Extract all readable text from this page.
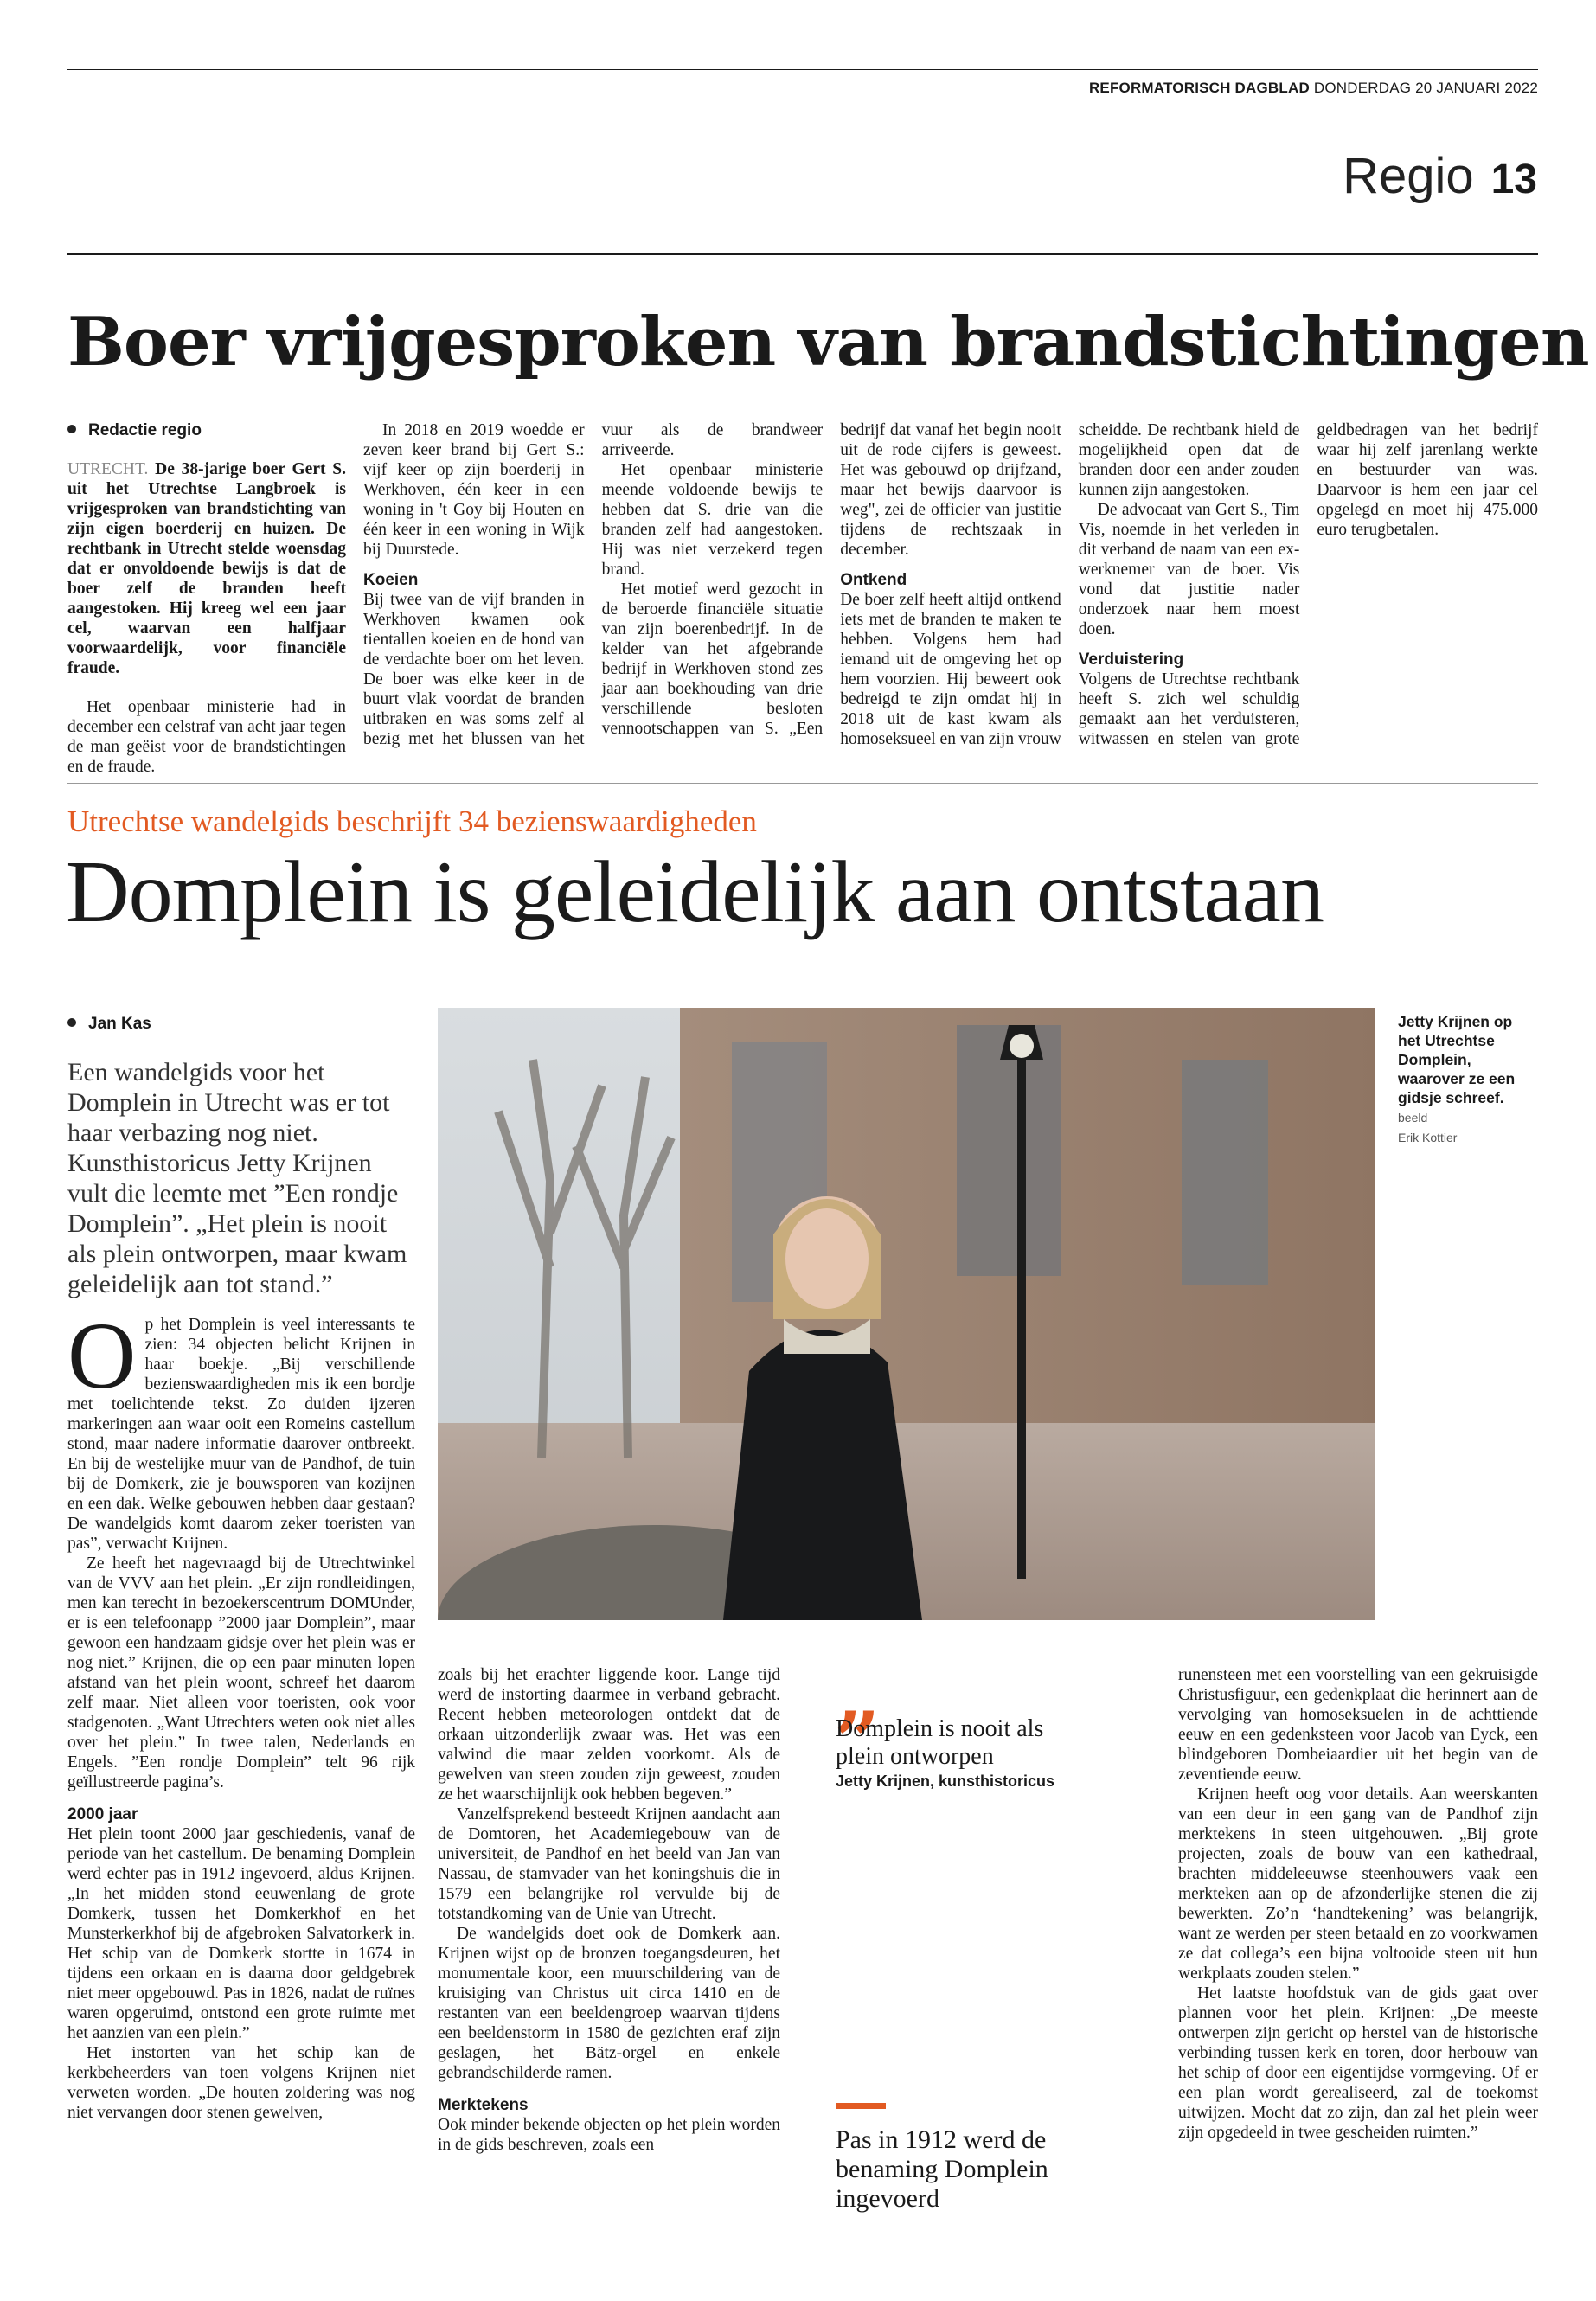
REFORMATORISCH DAGBLAD DONDERDAG 20 JANUARI 2022
Regio 13
Boer vrijgesproken van brandstichtingen

Redactie regio

UTRECHT. De 38-jarige boer Gert S. uit het Utrechtse Langbroek is vrijgesproken van brandstichting van zijn eigen boerderij en huizen. De rechtbank in Utrecht stelde woensdag dat er onvoldoende bewijs is dat de boer zelf de branden heeft aangestoken. Hij kreeg wel een jaar cel, waarvan een halfjaar voorwaardelijk, voor financiële fraude.

Het openbaar ministerie had in december een celstraf van acht jaar tegen de man geëist voor de brandstichtingen en de fraude.

In 2018 en 2019 woedde er zeven keer brand bij Gert S.: vijf keer op zijn boerderij in Werkhoven, één keer in een woning in 't Goy bij Houten en één keer in een woning in Wijk bij Duurstede.

Koeien

Bij twee van de vijf branden in Werkhoven kwamen ook tientallen koeien en de hond van de verdachte boer om het leven. De boer was elke keer in de buurt vlak voordat de branden uitbraken en was soms zelf al bezig met het blussen van het vuur als de brandweer arriveerde.

Het openbaar ministerie meende voldoende bewijs te hebben dat S. drie van die branden zelf had aangestoken. Hij was niet verzekerd tegen brand.

Het motief werd gezocht in de beroerde financiële situatie van zijn boerenbedrijf. In de kelder van het afgebrande bedrijf in Werkhoven stond zes jaar aan boekhouding van drie verschillende besloten vennootschappen van S. „Een bedrijf dat vanaf het begin nooit uit de rode cijfers is geweest. Het was gebouwd op drijfzand, maar het bewijs daarvoor is weg", zei de officier van justitie tijdens de rechtszaak in december.

Ontkend

De boer zelf heeft altijd ontkend iets met de branden te maken te hebben. Volgens hem had iemand uit de omgeving het op hem voorzien. Hij beweert ook bedreigd te zijn omdat hij in 2018 uit de kast kwam als homoseksueel en van zijn vrouw scheidde. De rechtbank hield de mogelijkheid open dat de branden door een ander zouden kunnen zijn aangestoken.

De advocaat van Gert S., Tim Vis, noemde in het verleden in dit verband de naam van een ex-werknemer van de boer. Vis vond dat justitie nader onderzoek naar hem moest doen.

Verduistering

Volgens de Utrechtse rechtbank heeft S. zich wel schuldig gemaakt aan het verduisteren, witwassen en stelen van grote geldbedragen van het bedrijf waar hij zelf jarenlang werkte en bestuurder van was. Daarvoor is hem een jaar cel opgelegd en moet hij 475.000 euro terugbetalen.

Utrechtse wandelgids beschrijft 34 bezienswaardigheden
Domplein is geleidelijk aan ontstaan
Jan Kas
Een wandelgids voor het Domplein in Utrecht was er tot haar verbazing nog niet. Kunsthistoricus Jetty Krijnen vult die leemte met ”Een rondje Domplein”. „Het plein is nooit als plein ontworpen, maar kwam geleidelijk aan tot stand.”
Jetty Krijnen op het Utrechtse Domplein, waarover ze een gidsje schreef. beeld
Erik Kottier

Op het Domplein is veel interessants te zien: 34 objecten belicht Krijnen in haar boekje. „Bij verschillende bezienswaardigheden mis ik een bordje met toelichtende tekst. Zo duiden ijzeren markeringen aan waar ooit een Romeins castellum stond, maar nadere informatie daarover ontbreekt. En bij de westelijke muur van de Pandhof, de tuin bij de Domkerk, zie je bouwsporen van kozijnen en een dak. Welke gebouwen hebben daar gestaan? De wandelgids komt daarom zeker toeristen van pas”, verwacht Krijnen.

Ze heeft het nagevraagd bij de Utrechtwinkel van de VVV aan het plein. „Er zijn rondleidingen, men kan terecht in bezoekerscentrum DOMUnder, er is een telefoonapp ”2000 jaar Domplein”, maar gewoon een handzaam gidsje over het plein was er nog niet.” Krijnen, die op een paar minuten lopen afstand van het plein woont, schreef het daarom zelf maar. Niet alleen voor toeristen, ook voor stadgenoten. „Want Utrechters weten ook niet alles over het plein.” In twee talen, Nederlands en Engels. ”Een rondje Domplein” telt 96 rijk geïllustreerde pagina’s.

2000 jaar

Het plein toont 2000 jaar geschiedenis, vanaf de periode van het castellum. De benaming Domplein werd echter pas in 1912 ingevoerd, aldus Krijnen. „In het midden stond eeuwenlang de grote Domkerk, tussen het Domkerkhof en het Munsterkerkhof bij de afgebroken Salvatorkerk in. Het schip van de Domkerk stortte in 1674 in tijdens een orkaan en is daarna door geldgebrek niet meer opgebouwd. Pas in 1826, nadat de ruïnes waren opgeruimd, ontstond een grote ruimte met het aanzien van een plein.”

Het instorten van het schip kan de kerkbeheerders van toen volgens Krijnen niet verweten worden. „De houten zoldering was nog niet vervangen door stenen gewelven,

zoals bij het erachter liggende koor. Lange tijd werd de instorting daarmee in verband gebracht. Recent hebben meteorologen ontdekt dat de orkaan uitzonderlijk zwaar was. Het was een valwind die maar zelden voorkomt. Als de gewelven van steen zouden zijn geweest, zouden ze het waarschijnlijk ook hebben begeven.”

Vanzelfsprekend besteedt Krijnen aandacht aan de Domtoren, het Academiegebouw van de universiteit, de Pandhof en het beeld van Jan van Nassau, de stamvader van het koningshuis die in 1579 een belangrijke rol vervulde bij de totstandkoming van de Unie van Utrecht.

De wandelgids doet ook de Domkerk aan. Krijnen wijst op de bronzen toegangsdeuren, het monumentale koor, een muurschildering van de kruisiging van Christus uit circa 1410 en de restanten van een beeldengroep waarvan tijdens een beeldenstorm in 1580 de gezichten eraf zijn geslagen, het Bätz-orgel en enkele gebrandschilderde ramen.

Merktekens

Ook minder bekende objecten op het plein worden in de gids beschreven, zoals een

„
Domplein is nooit als plein ontworpen
Jetty Krijnen, kunsthistoricus
Pas in 1912 werd de benaming Domplein ingevoerd

runensteen met een voorstelling van een gekruisigde Christusfiguur, een gedenkplaat die herinnert aan de vervolging van homoseksuelen in de achttiende eeuw en een gedenksteen voor Jacob van Eyck, een blindgeboren Dombeiaardier uit het begin van de zeventiende eeuw.

Krijnen heeft oog voor details. Aan weerskanten van een deur in een gang van de Pandhof zijn merktekens in steen uitgehouwen. „Bij grote projecten, zoals de bouw van een kathedraal, brachten middeleeuwse steenhouwers vaak een merkteken aan op de afzonderlijke stenen die zij bewerkten. Zo’n ‘handtekening’ was belangrijk, want ze werden per steen betaald en zo voorkwamen ze dat collega’s een bijna voltooide steen uit hun werkplaats zouden stelen.”

Het laatste hoofdstuk van de gids gaat over plannen voor het plein. Krijnen: „De meeste ontwerpen zijn gericht op herstel van de historische verbinding tussen kerk en toren, door herbouw van het schip of door een eigentijdse vormgeving. Of er een plan wordt gerealiseerd, zal de toekomst uitwijzen. Mocht dat zo zijn, dan zal het plein weer zijn opgedeeld in twee gescheiden ruimten.”
